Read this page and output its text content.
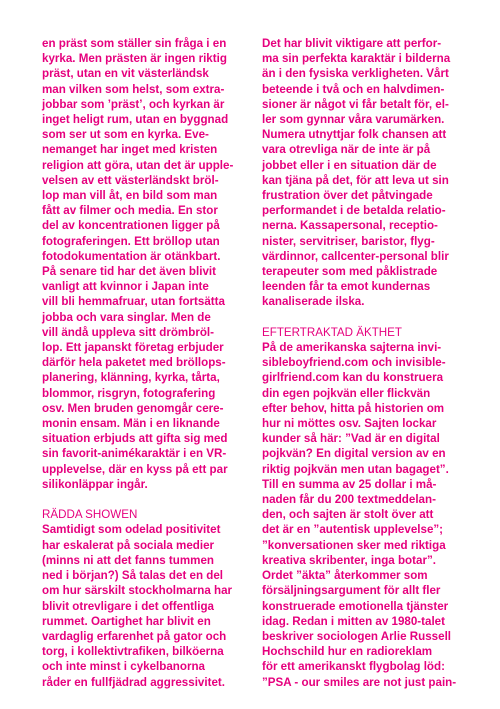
en präst som ställer sin fråga i en
kyrka. Men prästen är ingen riktig
präst, utan en vit västerländsk
man vilken som helst, som extra-
jobbar som ’präst’, och kyrkan är
inget heligt rum, utan en byggnad
som ser ut som en kyrka. Eve-
nemanget har inget med kristen
religion att göra, utan det är upple-
velsen av ett västerländskt bröl-
lop man vill åt, en bild som man
fått av filmer och media. En stor
del av koncentrationen ligger på
fotograferingen. Ett bröllop utan
fotodokumentation är otänkbart.
På senare tid har det även blivit
vanligt att kvinnor i Japan inte
vill bli hemmafruar, utan fortsätta
jobba och vara singlar. Men de
vill ändå uppleva sitt drömbröl-
lop. Ett japanskt företag erbjuder
därför hela paketet med bröllops-
planering, klänning, kyrka, tårta,
blommor, risgryn, fotografering
osv. Men bruden genomgår cere-
monin ensam. Män i en liknande
situation erbjuds att gifta sig med
sin favorit-animékaraktär i en VR-
upplevelse, där en kyss på ett par
silikonläppar ingår.

RÄDDA SHOWEN

Samtidigt som odelad positivitet
har eskalerat på sociala medier
(minns ni att det fanns tummen
ned i början?) Så talas det en del
om hur särskilt stockholmarna har
blivit otrevligare i det offentliga
rummet. Oartighet har blivit en
vardaglig erfarenhet på gator och
torg, i kollektivtrafiken, bilköerna
och inte minst i cykelbanorna
råder en fullfjädrad aggressivitet.

Det har blivit viktigare att perfor-
ma sin perfekta karaktär i bilderna
än i den fysiska verkligheten. Vårt
beteende i två och en halvdimen-
sioner är något vi får betalt för, el-
ler som gynnar våra varumärken.
Numera utnyttjar folk chansen att
vara otrevliga när de inte är på
jobbet eller i en situation där de
kan tjäna på det, för att leva ut sin
frustration över det påtvingade
performandet i de betalda relatio-
nerna. Kassapersonal, receptio-
nister, servitriser, baristor, flyg-
värdinnor, callcenter-personal blir
terapeuter som med påklistrade
leenden får ta emot kundernas
kanaliserade ilska.

EFTERTRAKTAD ÄKTHET

På de amerikanska sajterna invi-
sibleboyfriend.com och invisible-
girlfriend.com kan du konstruera
din egen pojkvän eller flickvän
efter behov, hitta på historien om
hur ni möttes osv. Sajten lockar
kunder så här: ”Vad är en digital
pojkvän? En digital version av en
riktig pojkvän men utan bagaget”.
Till en summa av 25 dollar i må-
naden får du 200 textmeddelan-
den, och sajten är stolt över att
det är en ”autentisk upplevelse”;
”konversationen sker med riktiga
kreativa skribenter, inga botar”.
Ordet ”äkta” återkommer som
försäljningsargument för allt fler
konstruerade emotionella tjänster
idag. Redan i mitten av 1980-talet
beskriver sociologen Arlie Russell
Hochschild hur en radioreklam
för ett amerikanskt flygbolag löd:
”PSA - our smiles are not just pain-
